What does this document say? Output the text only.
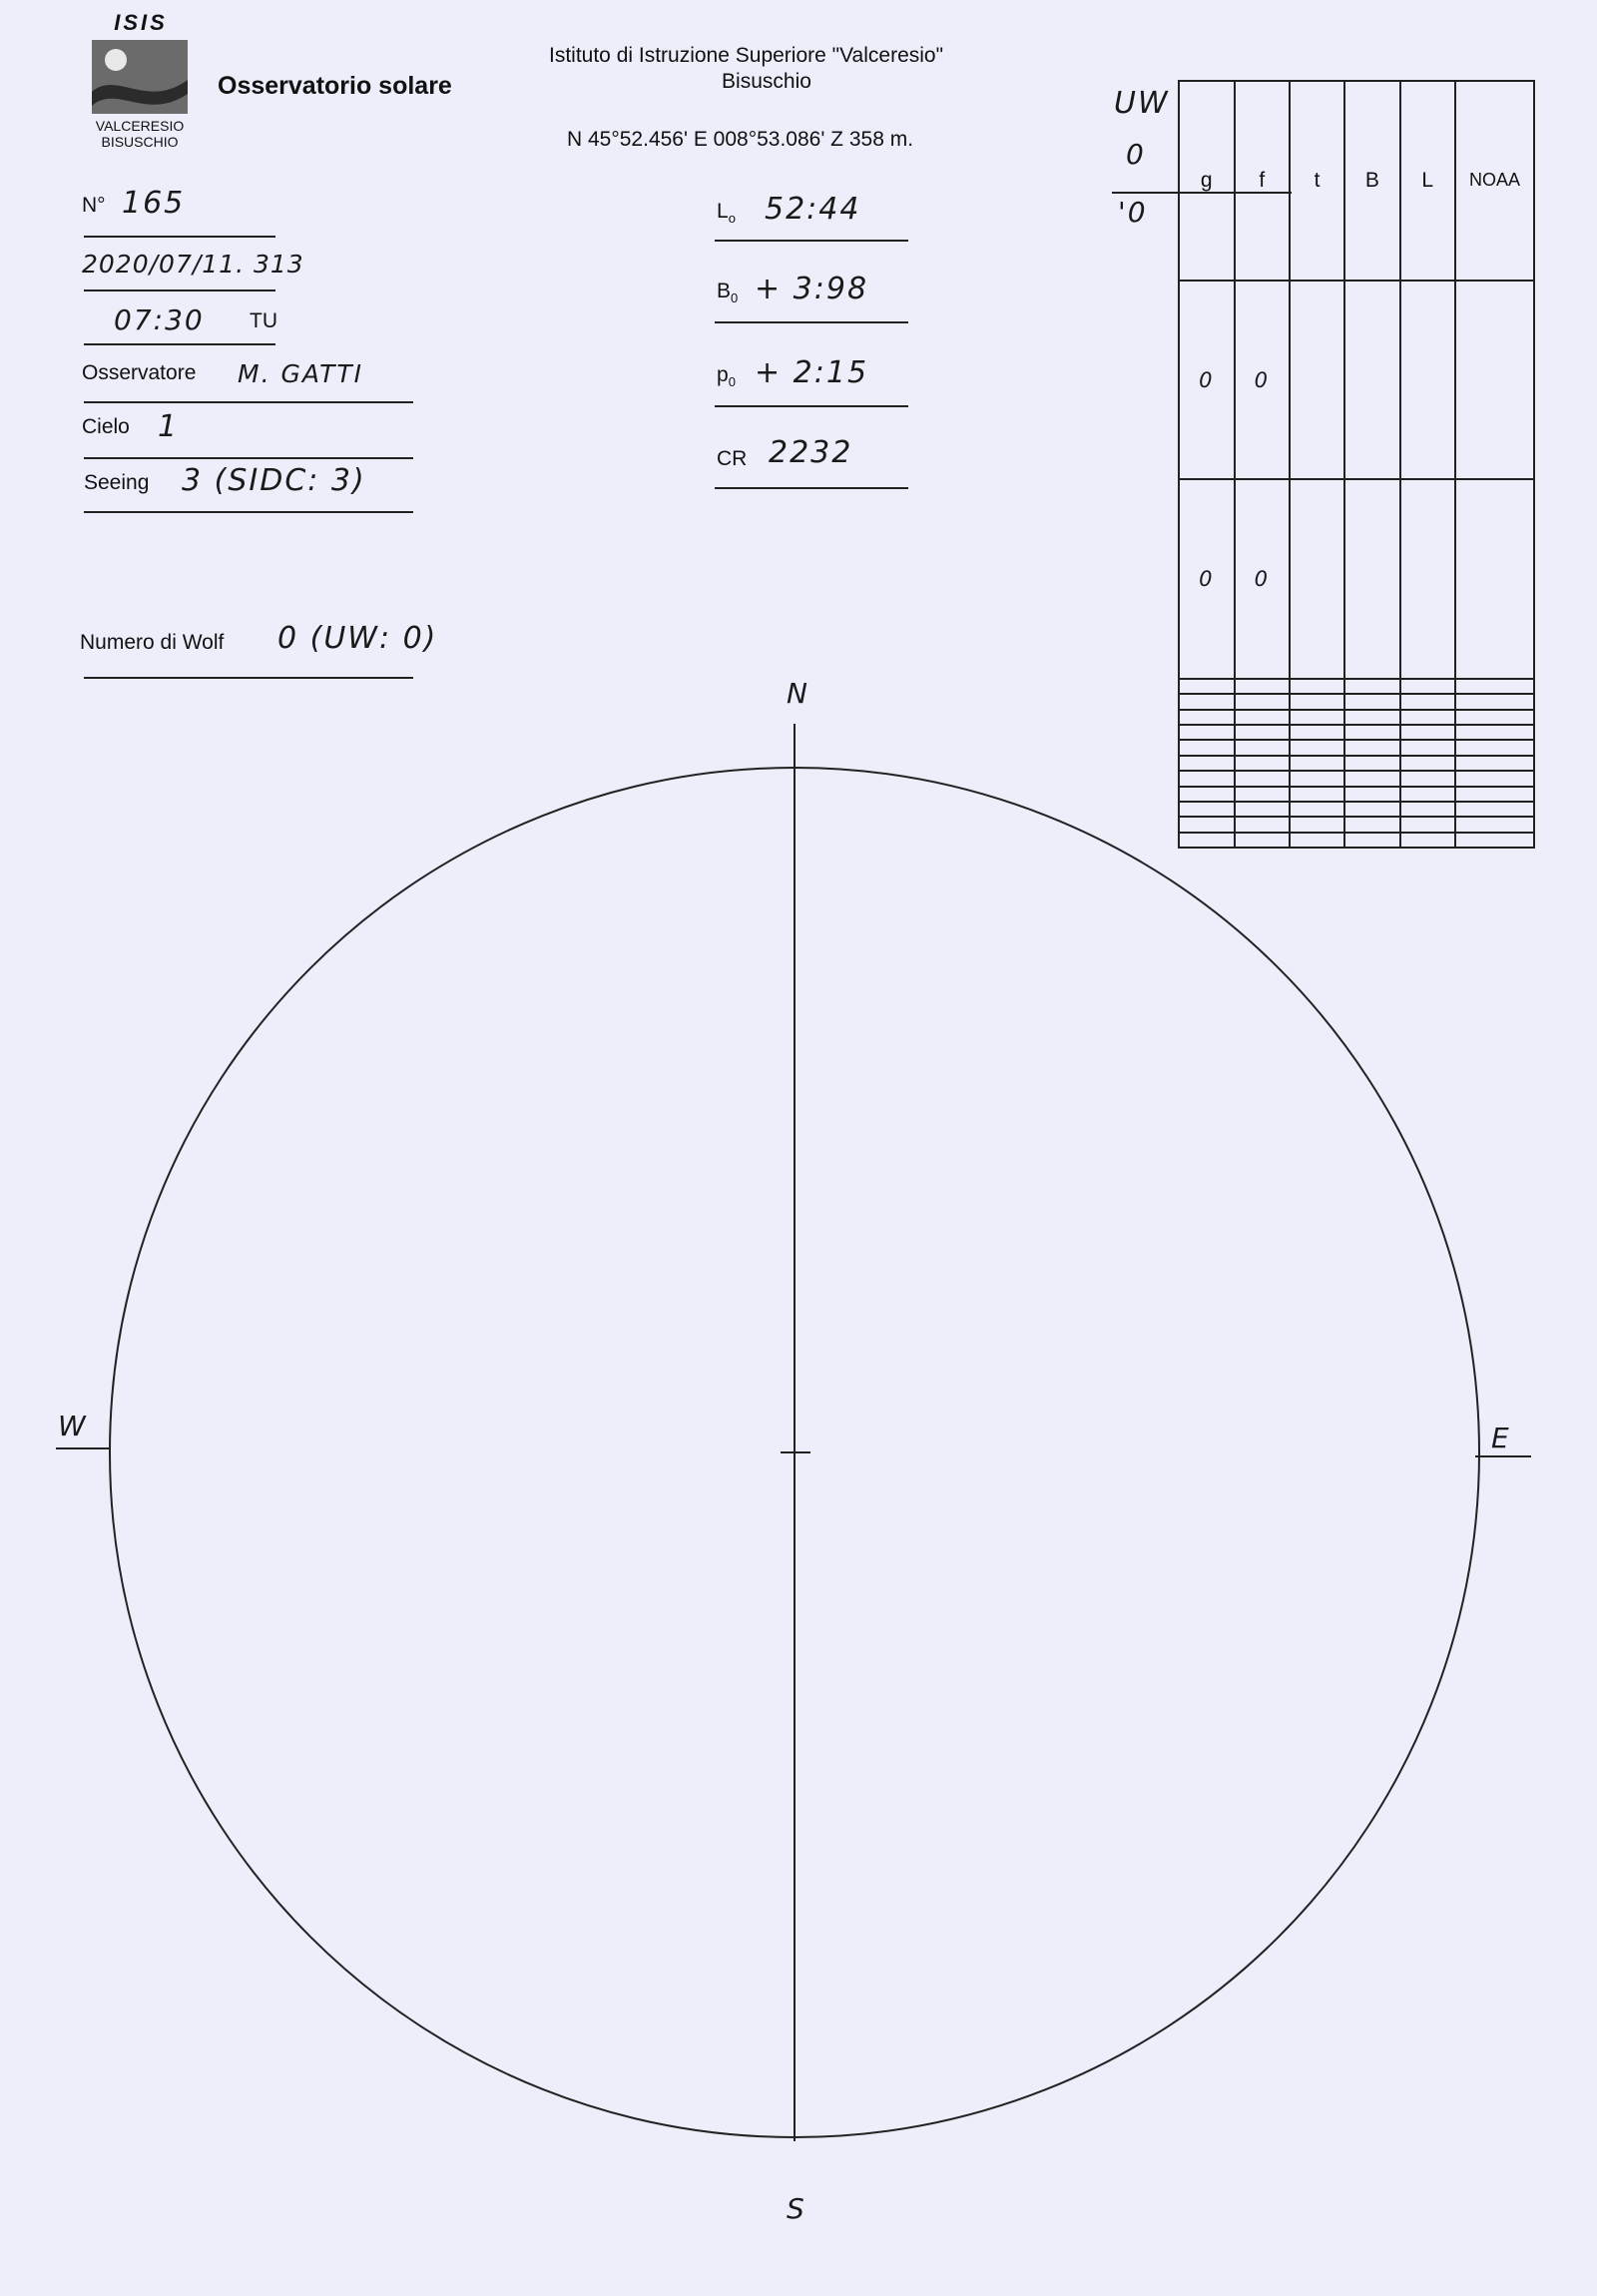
ISIS
VALCERESIO
BISUSCHIO
Osservatorio solare
Istituto di Istruzione Superiore "Valceresio"
Bisuschio
N 45°52.456' E 008°53.086' Z 358 m.
N° 165
2020/07/11. 313
07:30 TU
Osservatore M. GATTI
Cielo 1
Seeing 3 (SIDC: 3)
Numero di Wolf 0 (UW: 0)
$L_o$ 52:44
$B_0$ + 3:98
$p_0$ + 2:15
CR 2232
UW
g	f	t	B	L	NOAA
0	0				
0	0				

0
'0
N
S
E
W
